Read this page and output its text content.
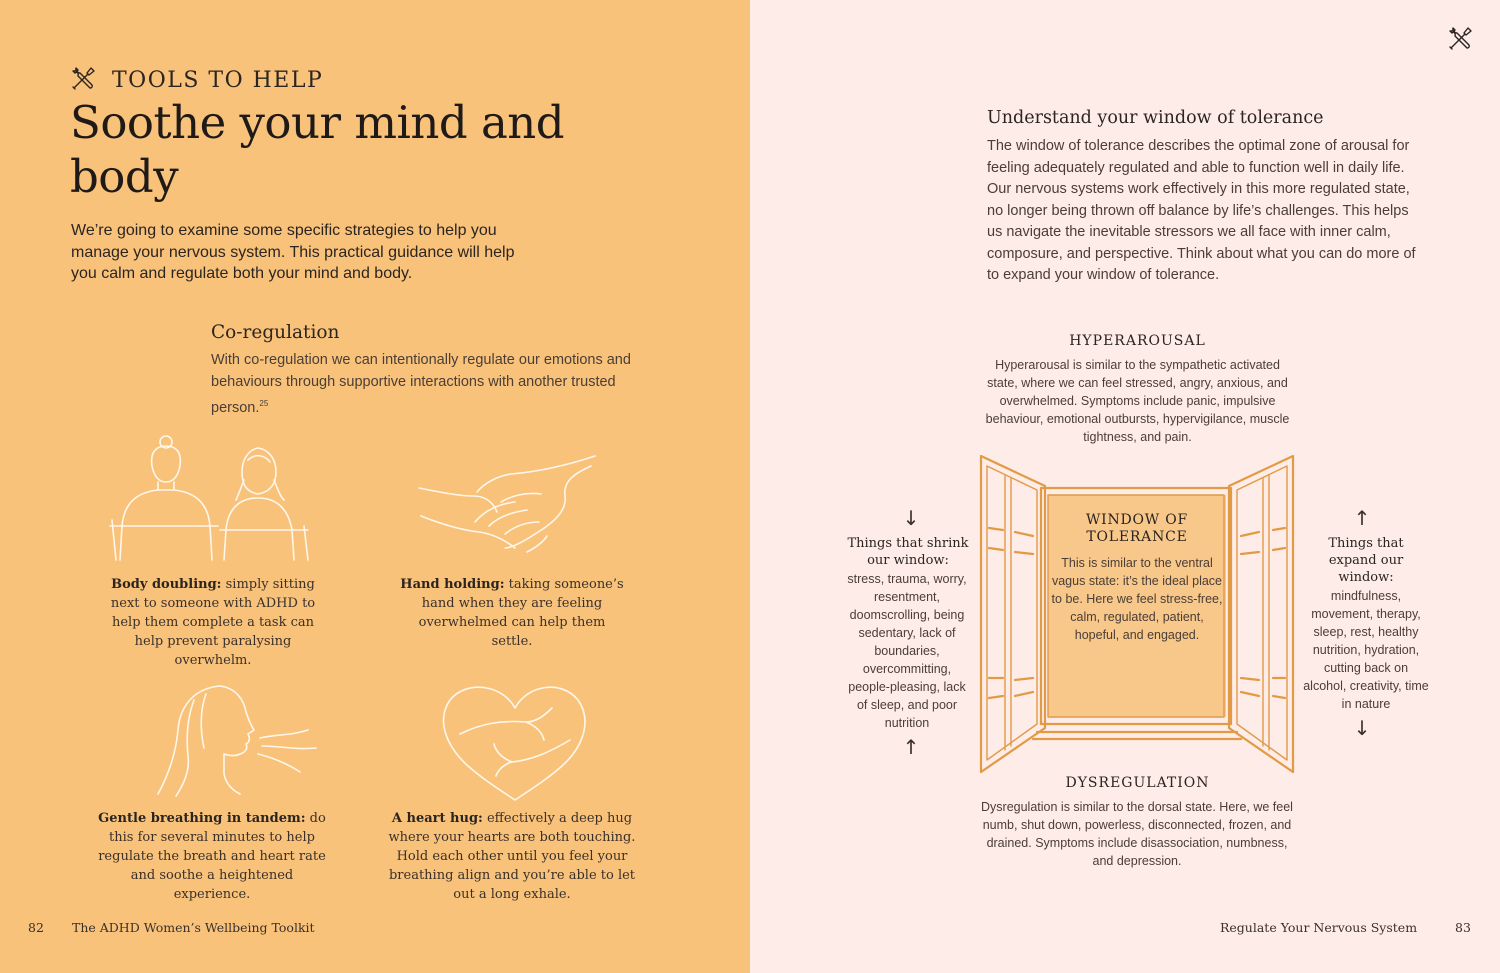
TOOLS TO HELP
Soothe your mind and body
We’re going to examine some specific strategies to help you manage your nervous system. This practical guidance will help you calm and regulate both your mind and body.
Co-regulation
With co-regulation we can intentionally regulate our emotions and behaviours through supportive interactions with another trusted person.$^{25}$
Body doubling: simply sitting next to someone with ADHD to help them complete a task can help prevent paralysing overwhelm.
Hand holding: taking someone’s hand when they are feeling overwhelmed can help them settle.
Gentle breathing in tandem: do this for several minutes to help regulate the breath and heart rate and soothe a heightened experience.
A heart hug: effectively a deep hug where your hearts are both touching. Hold each other until you feel your breathing align and you’re able to let out a long exhale.
82 The ADHD Women’s Wellbeing Toolkit
Understand your window of tolerance
The window of tolerance describes the optimal zone of arousal for feeling adequately regulated and able to function well in daily life. Our nervous systems work effectively in this more regulated state, no longer being thrown off balance by life’s challenges. This helps us navigate the inevitable stressors we all face with inner calm, composure, and perspective. Think about what you can do more of to expand your window of tolerance.
HYPERAROUSAL
Hyperarousal is similar to the sympathetic activated state, where we can feel stressed, angry, anxious, and overwhelmed. Symptoms include panic, impulsive behaviour, emotional outbursts, hypervigilance, muscle tightness, and pain.
WINDOW OF TOLERANCE
This is similar to the ventral vagus state: it’s the ideal place to be. Here we feel stress-free, calm, regulated, patient, hopeful, and engaged.
↓
Things that shrink our window:
stress, trauma, worry, resentment, doomscrolling, being sedentary, lack of boundaries, overcommitting, people-pleasing, lack of sleep, and poor nutrition
↑
↑
Things that expand our window:
mindfulness, movement, therapy, sleep, rest, healthy nutrition, hydration, cutting back on alcohol, creativity, time in nature
↓
DYSREGULATION
Dysregulation is similar to the dorsal state. Here, we feel numb, shut down, powerless, disconnected, frozen, and drained. Symptoms include disassociation, numbness, and depression.
Regulate Your Nervous System	83
